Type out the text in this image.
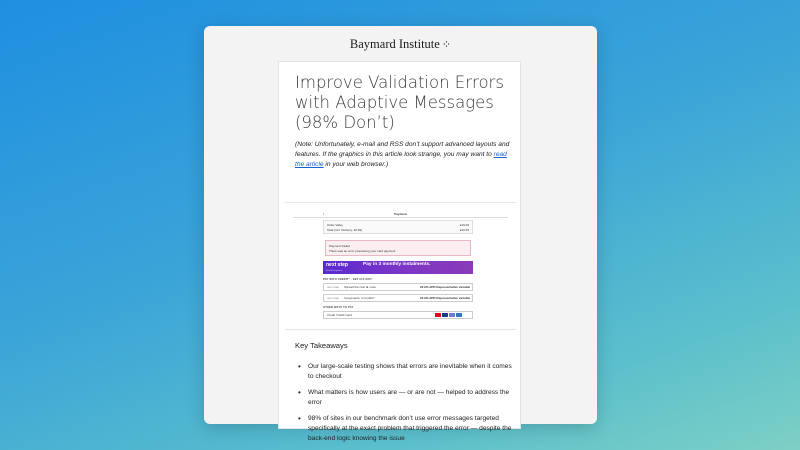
Baymard Institute ⁘
Improve Validation Errors with Adaptive Messages (98% Don’t)

(Note: Unfortunately, e-mail and RSS don’t support advanced layouts and features. If the graphics in this article look strange, you may want to read the article in your web browser.)

‹	Payment
Order Value	£19.00
Total (incl. Delivery, £0.99)	£19.99
Payment Failed
There was an error processing your card payment
next step
Flexible Payments
Pay in 3 monthly instalments.
PAY WITH CREDIT* - GET £10 OFF†
next step Spread the cost ⊕ more	22.9% APR Representative variable
next step 3 payments, 3 months*	22.9% APR Representative variable
OTHER WAYS TO PAY
Credit / Debit Card
Key Takeaways
• Our large-scale testing shows that errors are inevitable when it comes to checkout
• What matters is how users are — or are not — helped to address the error
• 98% of sites in our benchmark don’t use error messages targeted specifically at the exact problem that triggered the error — despite the back-end logic knowing the issue
